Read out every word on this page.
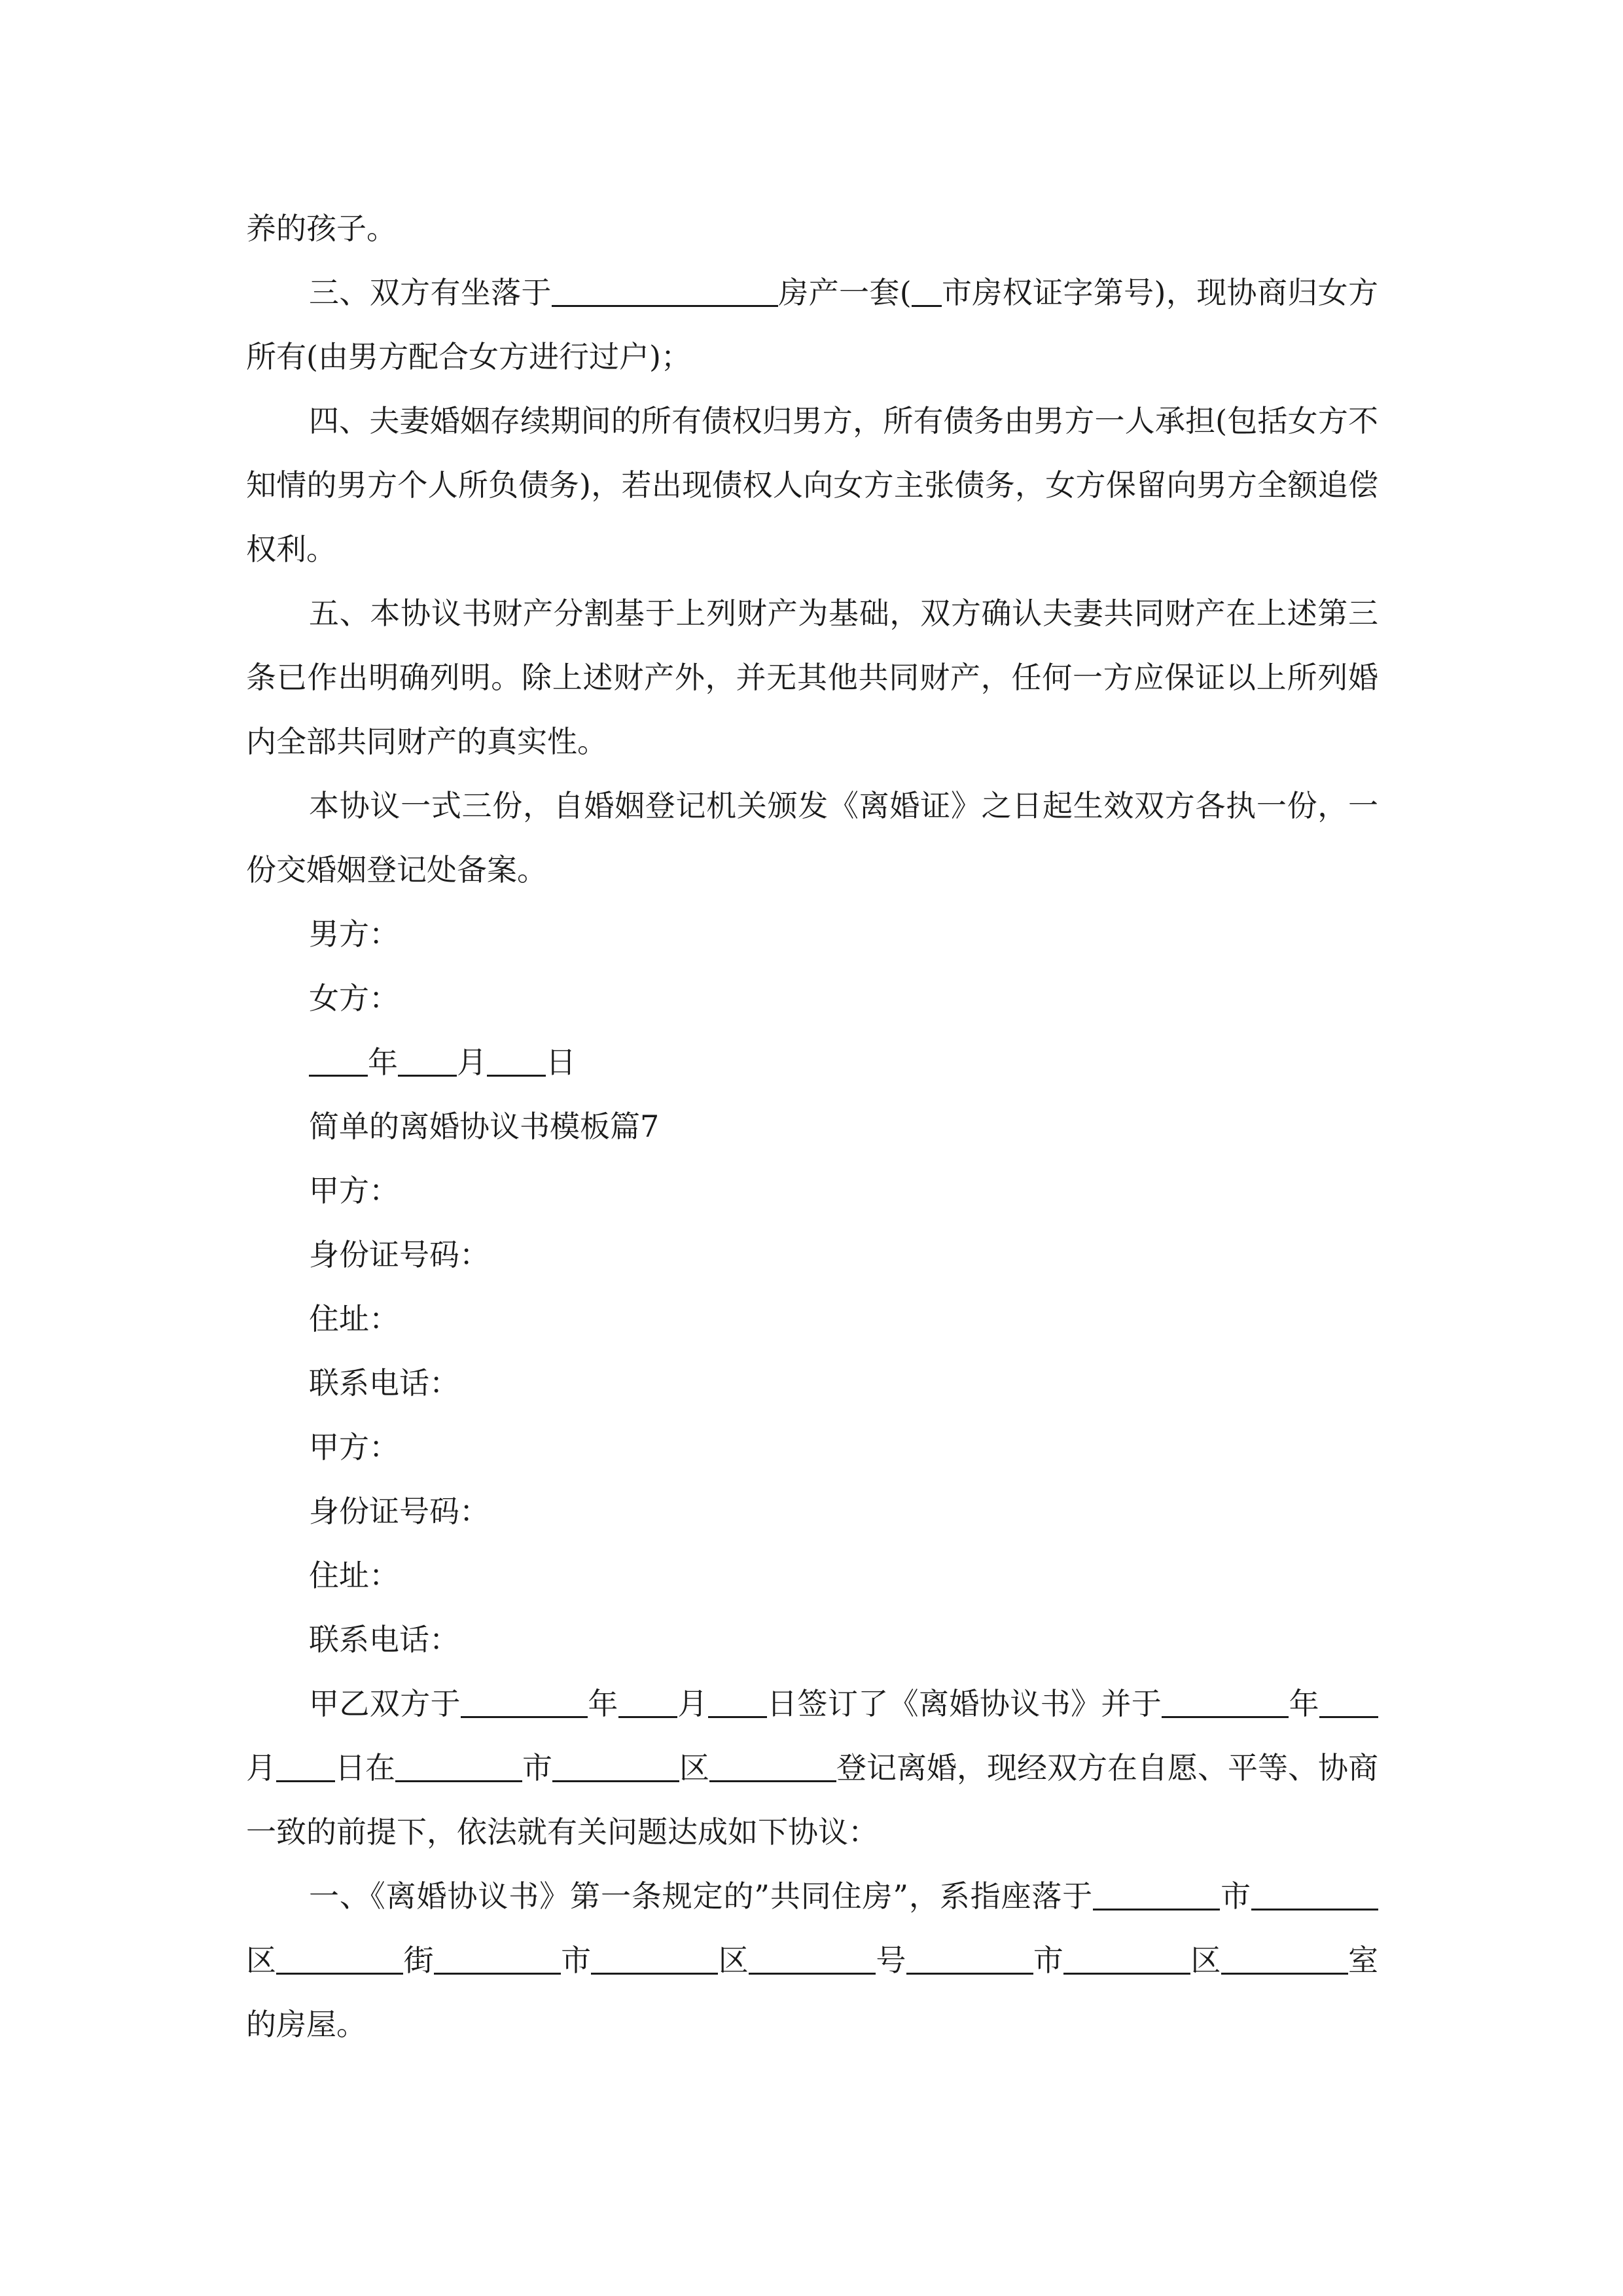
养的孩子。

三、双方有坐落于	房产一套( 市房权证字第号)，现协商归女方所有(由男方配合女方进行过户)；

四、夫妻婚姻存续期间的所有债权归男方，所有债务由男方一人承担(包括女方不知情的男方个人所负债务)，若出现债权人向女方主张债务，女方保留向男方全额追偿权利。

五、本协议书财产分割基于上列财产为基础，双方确认夫妻共同财产在上述第三条已作出明确列明。除上述财产外，并无其他共同财产，任何一方应保证以上所列婚内全部共同财产的真实性。

本协议一式三份，自婚姻登记机关颁发《离婚证》之日起生效双方各执一份，一份交婚姻登记处备案。

男方：

女方：

年 月 日

简单的离婚协议书模板篇7

甲方：

身份证号码：

住址：

联系电话：

甲方：

身份证号码：

住址：

联系电话：

甲乙双方于	年 月 日签订了《离婚协议书》并于	年月 日在	市	区	登记离婚，现经双方在自愿、平等、协商一致的前提下，依法就有关问题达成如下协议：

一、《离婚协议书》第一条规定的”共同住房”，系指座落于	市区	街	市	区	号	市	区	室的房屋。
